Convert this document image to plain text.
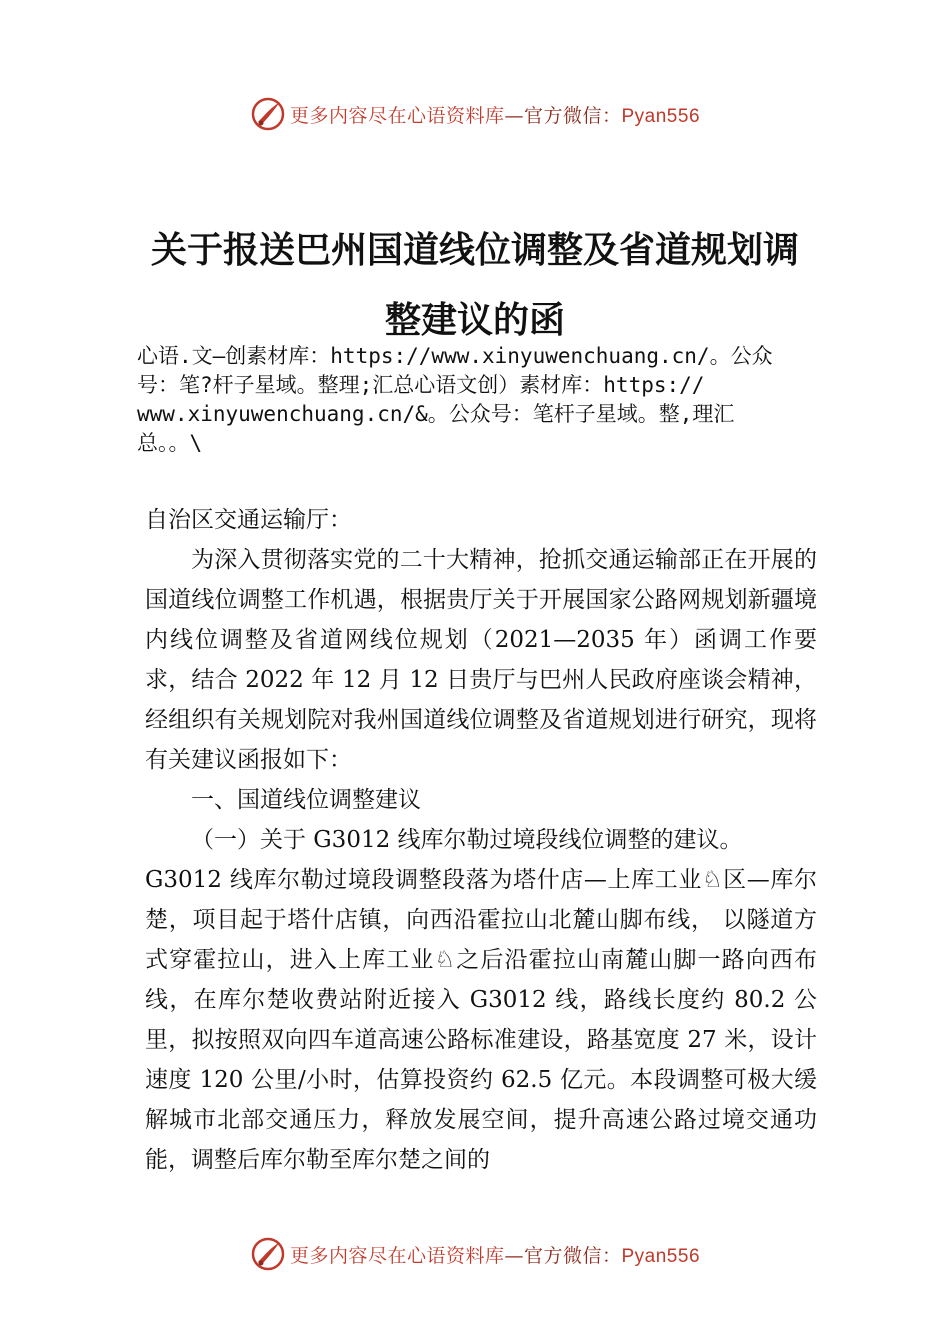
更多内容尽在心语资料库—官方微信：Pyan556
关于报送巴州国道线位调整及省道规划调
整建议的函
心语.文—创素材库：https://www.xinyuwenchuang.cn/。公众
号：笔?杆子星域。整理;汇总心语文创）素材库：https://
www.xinyuwenchuang.cn/&。公众号：笔杆子星域。整,理汇
总。。\

自治区交通运输厅：

为深入贯彻落实党的二十大精神，抢抓交通运输部正在开展的国道线位调整工作机遇，根据贵厅关于开展国家公路网规划新疆境内线位调整及省道网线位规划（2021—2035 年）函调工作要求，结合 2022 年 12 月 12 日贵厅与巴州人民政府座谈会精神，经组织有关规划院对我州国道线位调整及省道规划进行研究，现将有关建议函报如下：

一、国道线位调整建议

（一）关于 G3012 线库尔勒过境段线位调整的建议。

G3012 线库尔勒过境段调整段落为塔什店—上库工业♘区—库尔楚，项目起于塔什店镇，向西沿霍拉山北麓山脚布线， 以隧道方式穿霍拉山，进入上库工业♘之后沿霍拉山南麓山脚一路向西布线，在库尔楚收费站附近接入 G3012 线，路线长度约 80.2 公里，拟按照双向四车道高速公路标准建设，路基宽度 27 米，设计速度 120 公里/小时，估算投资约 62.5 亿元。本段调整可极大缓解城市北部交通压力，释放发展空间，提升高速公路过境交通功能，调整后库尔勒至库尔楚之间的

更多内容尽在心语资料库—官方微信：Pyan556
